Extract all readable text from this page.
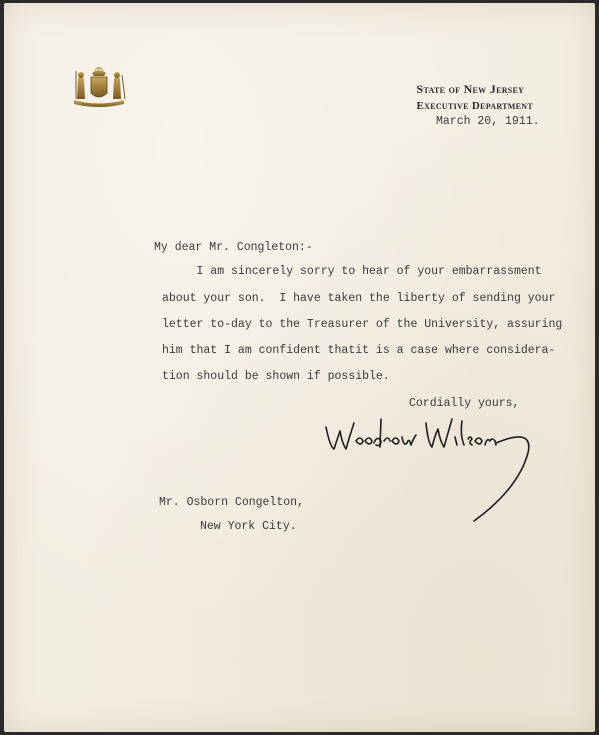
State of New Jersey
Executive Department
March 20, 1911.
My dear Mr. Congleton:-
I am sincerely sorry to hear of your embarrassment
about your son.  I have taken the liberty of sending your
letter to-day to the Treasurer of the University, assuring
him that I am confident thatit is a case where considera-
tion should be shown if possible.
Cordially yours,
Mr. Osborn Congelton,
New York City.
